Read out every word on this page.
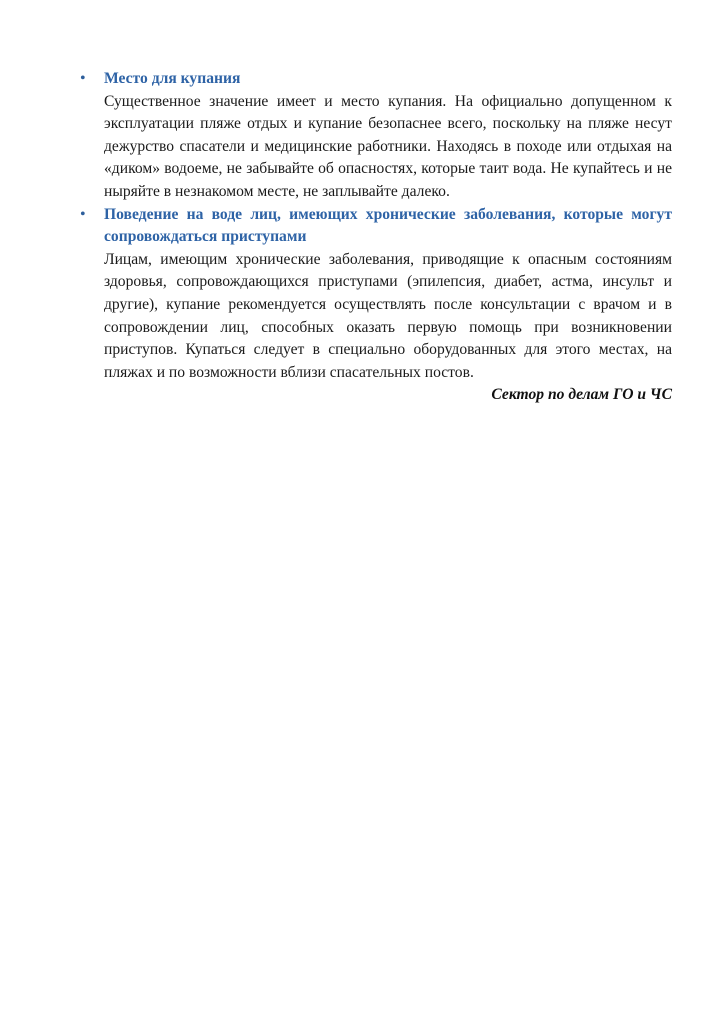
• Место для купания

Существенное значение имеет и место купания. На официально допущенном к эксплуатации пляже отдых и купание безопаснее всего, поскольку на пляже несут дежурство спасатели и медицинские работники. Находясь в походе или отдыхая на «диком» водоеме, не забывайте об опасностях, которые таит вода. Не купайтесь и не ныряйте в незнакомом месте, не заплывайте далеко.

• Поведение на воде лиц, имеющих хронические заболевания, которые могут сопровождаться приступами

Лицам, имеющим хронические заболевания, приводящие к опасным состояниям здоровья, сопровождающихся приступами (эпилепсия, диабет, астма, инсульт и другие), купание рекомендуется осуществлять после консультации с врачом и в сопровождении лиц, способных оказать первую помощь при возникновении приступов. Купаться следует в специально оборудованных для этого местах, на пляжах и по возможности вблизи спасательных постов.

Сектор по делам ГО и ЧС
